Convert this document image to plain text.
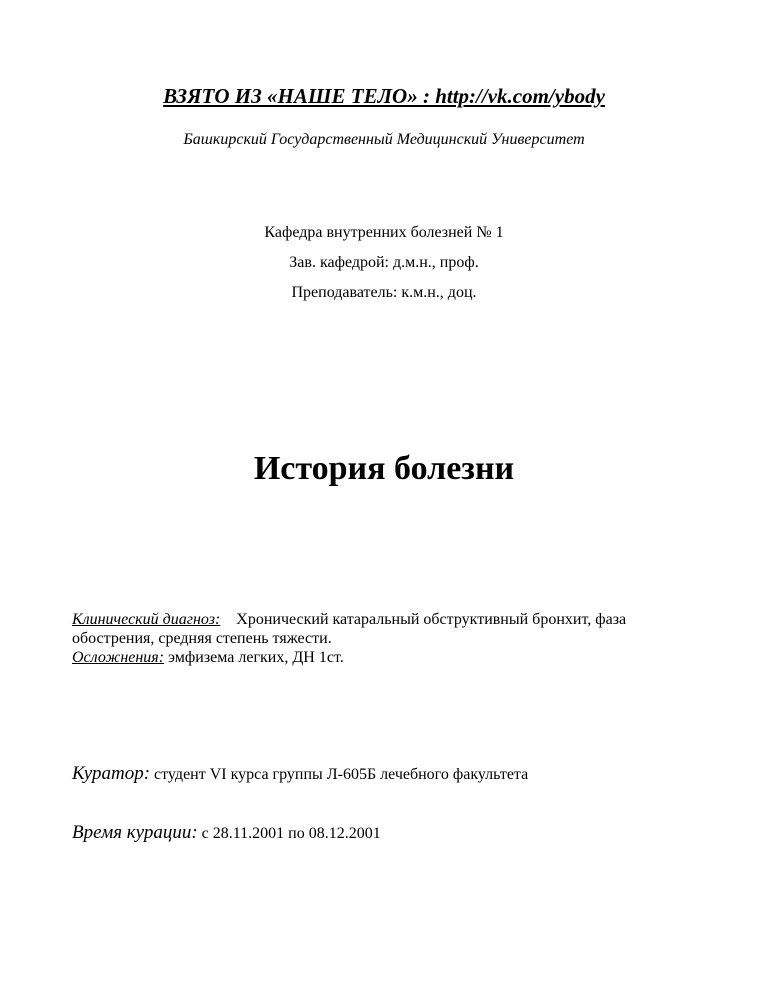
ВЗЯТО ИЗ «НАШЕ ТЕЛО» : http://vk.com/ybody
Башкирский Государственный Медицинский Университет
Кафедра внутренних болезней № 1
Зав. кафедрой: д.м.н., проф.
Преподаватель: к.м.н., доц.
История болезни
Клинический диагноз: Хронический катаральный обструктивный бронхит, фаза обострения, средняя степень тяжести.
Осложнения: эмфизема легких, ДН 1ст.
Куратор: студент VI курса группы Л-605Б лечебного факультета
Время курации: с 28.11.2001 по 08.12.2001
